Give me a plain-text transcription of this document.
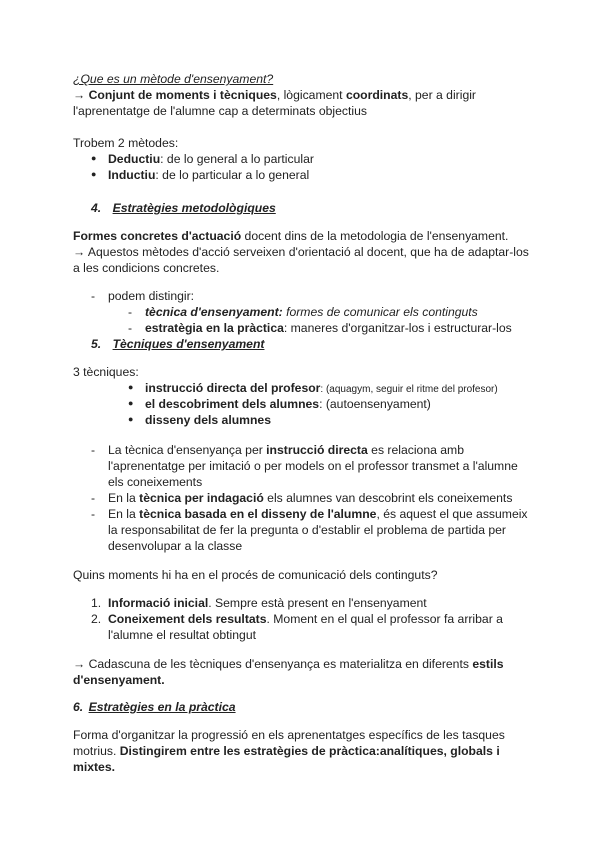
¿Que es un mètode d'ensenyament?
→ Conjunt de moments i tècniques, lògicament coordinats, per a dirigir
l'aprenentatge de l'alumne cap a determinats objectius
Trobem 2 mètodes:
● Deductiu: de lo general a lo particular
● Inductiu: de lo particular a lo general
4. Estratègies metodològiques
Formes concretes d'actuació docent dins de la metodologia de l'ensenyament.
→ Aquestos mètodes d'acció serveixen d'orientació al docent, que ha de adaptar-los
a les condicions concretes.
- podem distingir:
- tècnica d'ensenyament: formes de comunicar els continguts
- estratègia en la pràctica: maneres d'organitzar-los i estructurar-los
5. Tècniques d'ensenyament
3 tècniques:
● instrucció directa del profesor: (aquagym, seguir el ritme del profesor)
● el descobriment dels alumnes: (autoensenyament)
● disseny dels alumnes
- La tècnica d'ensenyança per instrucció directa es relaciona amb
l'aprenentatge per imitació o per models on el professor transmet a l'alumne
els coneixements
- En la tècnica per indagació els alumnes van descobrint els coneixements
- En la tècnica basada en el disseny de l'alumne, és aquest el que assumeix
la responsabilitat de fer la pregunta o d'establir el problema de partida per
desenvolupar a la classe
Quins moments hi ha en el procés de comunicació dels continguts?
1. Informació inicial. Sempre està present en l'ensenyament
2. Coneixement dels resultats. Moment en el qual el professor fa arribar a
l'alumne el resultat obtingut
→ Cadascuna de les tècniques d'ensenyança es materialitza en diferents estils
d'ensenyament.
6. Estratègies en la pràctica
Forma d'organitzar la progressió en els aprenentatges específics de les tasques
motrius. Distingirem entre les estratègies de pràctica:analítiques, globals i
mixtes.
